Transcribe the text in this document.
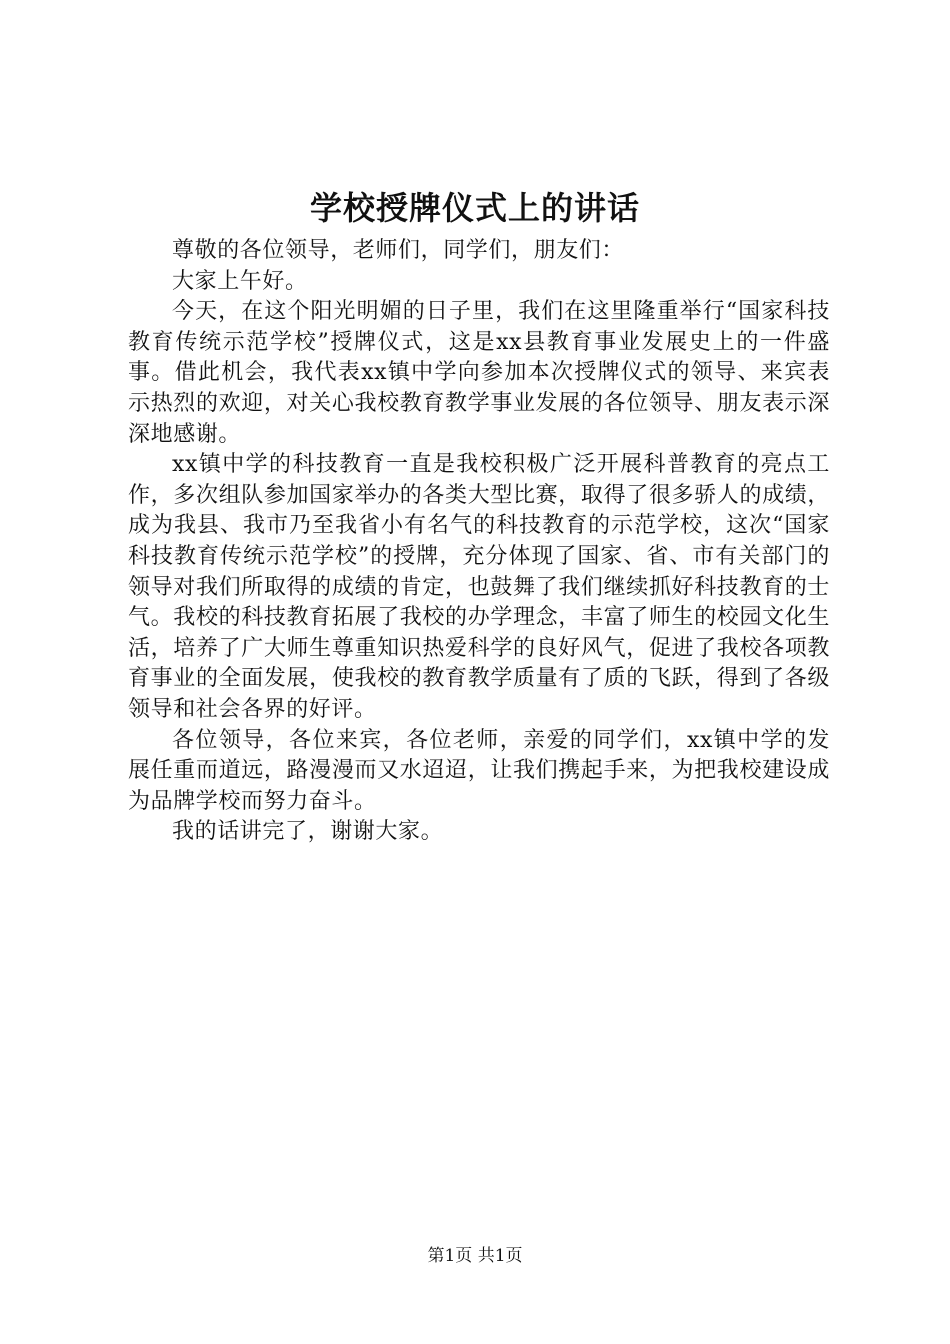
学校授牌仪式上的讲话

尊敬的各位领导，老师们，同学们，朋友们：

大家上午好。

今天，在这个阳光明媚的日子里，我们在这里隆重举行“国家科技教育传统示范学校”授牌仪式，这是xx县教育事业发展史上的一件盛事。借此机会，我代表xx镇中学向参加本次授牌仪式的领导、来宾表示热烈的欢迎，对关心我校教育教学事业发展的各位领导、朋友表示深深地感谢。

xx镇中学的科技教育一直是我校积极广泛开展科普教育的亮点工作，多次组队参加国家举办的各类大型比赛，取得了很多骄人的成绩，成为我县、我市乃至我省小有名气的科技教育的示范学校，这次“国家科技教育传统示范学校”的授牌，充分体现了国家、省、市有关部门的领导对我们所取得的成绩的肯定，也鼓舞了我们继续抓好科技教育的士气。我校的科技教育拓展了我校的办学理念，丰富了师生的校园文化生活，培养了广大师生尊重知识热爱科学的良好风气，促进了我校各项教育事业的全面发展，使我校的教育教学质量有了质的飞跃，得到了各级领导和社会各界的好评。

各位领导，各位来宾，各位老师，亲爱的同学们，xx镇中学的发展任重而道远，路漫漫而又水迢迢，让我们携起手来，为把我校建设成为品牌学校而努力奋斗。

我的话讲完了，谢谢大家。

第1页 共1页
